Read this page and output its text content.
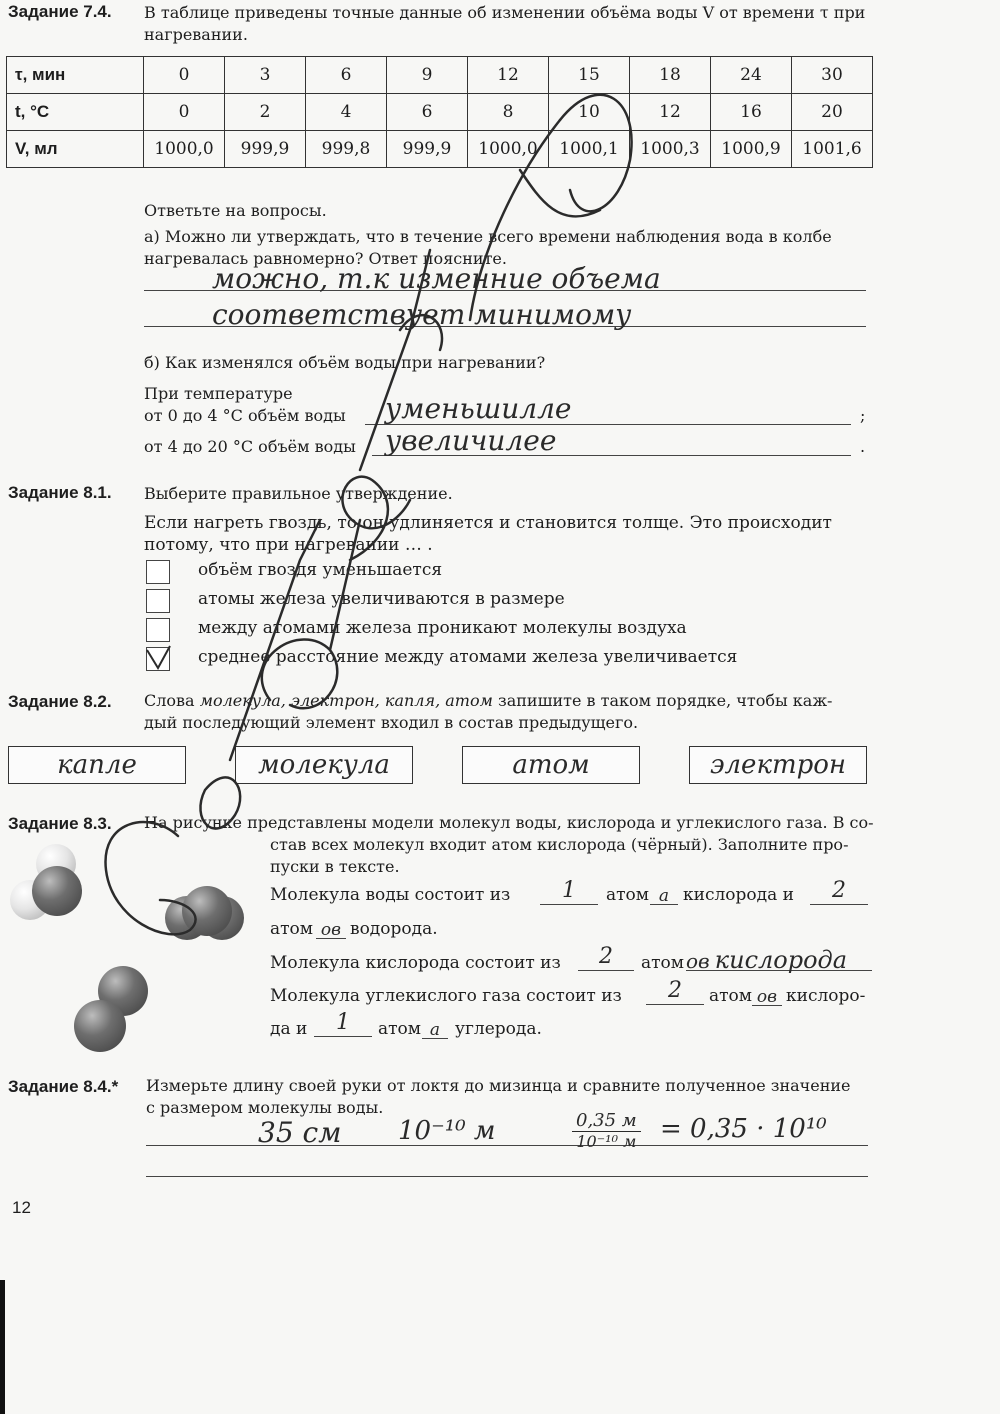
Задание 7.4. В таблице приведены точные данные об изменении объёма воды V от времени τ при
нагревании.
τ, мин	0	3	6	9	12	15	18	24	30
t, °C	0	2	4	6	8	10	12	16	20
V, мл	1000,0	999,9	999,8	999,9	1000,0	1000,1	1000,3	1000,9	1001,6
Ответьте на вопросы.
а) Можно ли утверждать, что в течение всего времени наблюдения вода в колбе
нагревалась равномерно? Ответ поясните.
можно, т.к изменние объема
соответствует минимому
б) Как изменялся объём воды при нагревании?
При температуре
от 0 до 4 °C объём воды уменьшилле	;
от 4 до 20 °C объём воды увеличилее	.
Задание 8.1. Выберите правильное утверждение.
Если нагреть гвоздь, то он удлиняется и становится толще. Это происходит
потому, что при нагревании … .
объём гвоздя уменьшается
атомы железа увеличиваются в размере
между атомами железа проникают молекулы воздуха
среднее расстояние между атомами железа увеличивается
Задание 8.2. Слова молекула, электрон, капля, атом запишите в таком порядке, чтобы каж-
дый последующий элемент входил в состав предыдущего.
капле	молекула	атом	электрон
Задание 8.3. На рисунке представлены модели молекул воды, кислорода и углекислого газа. В со-
став всех молекул входит атом кислорода (чёрный). Заполните про-
пуски в тексте.
Молекула воды состоит из	1	атом а кислорода и	2
атом ов водорода.
Молекула кислорода состоит из	2	атом ов кислорода
Молекула углекислого газа состоит из	2	атом ов кислоро-
да и	1	атом а углерода.
Задание 8.4.* Измерьте длину своей руки от локтя до мизинца и сравните полученное значение
с размером молекулы воды.
35 см 10⁻¹⁰ м	0,35 м
10⁻¹⁰ м = 0,35 · 10¹⁰
12
